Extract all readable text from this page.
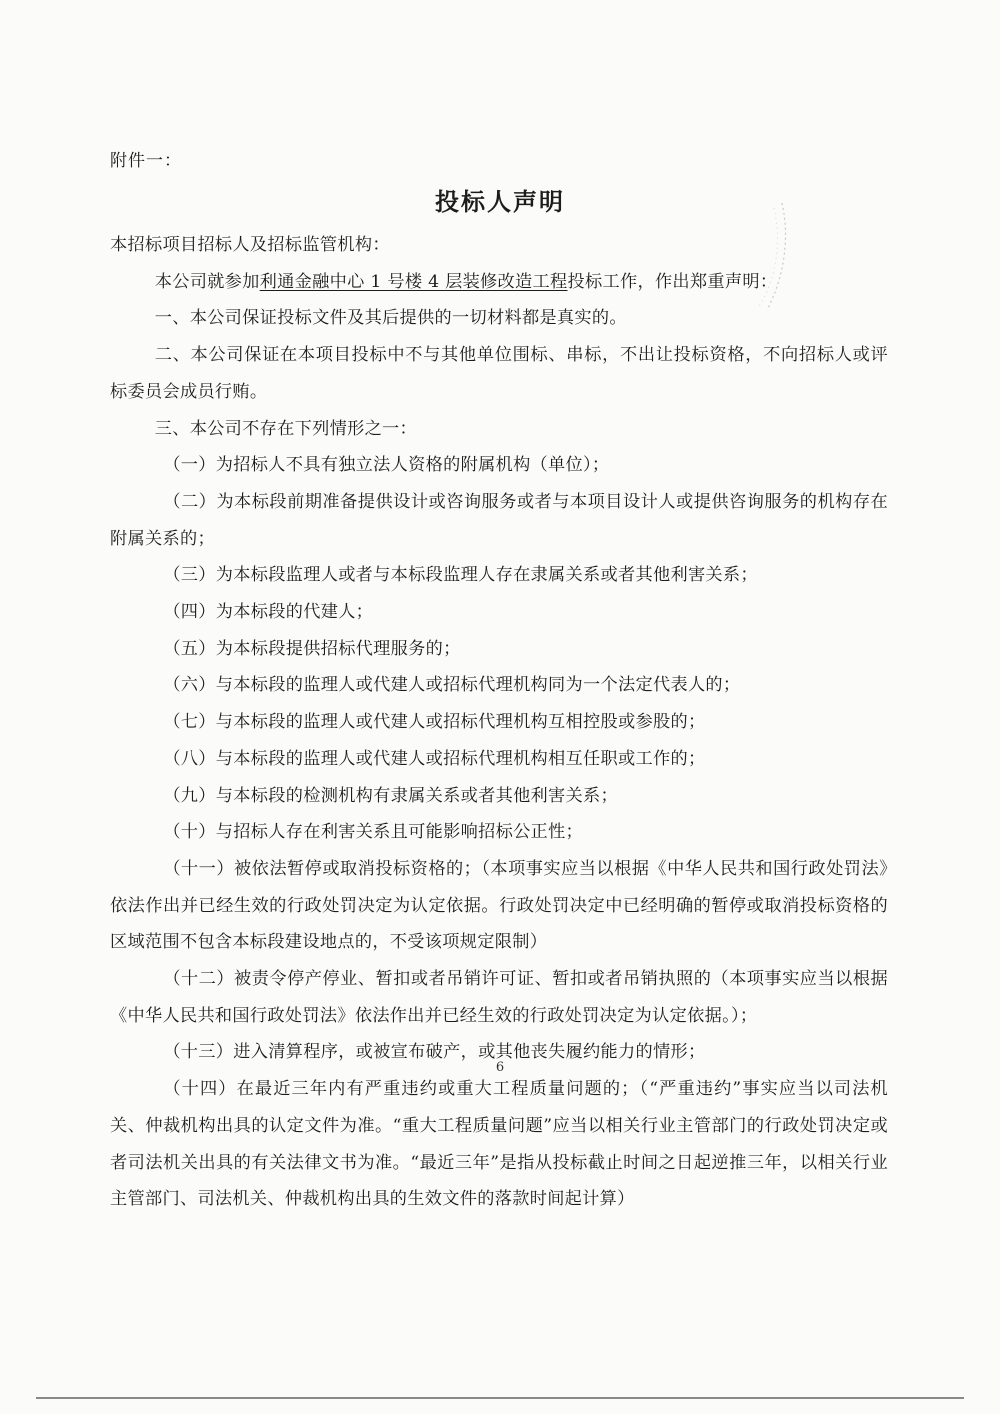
附件一：
投标人声明

本招标项目招标人及招标监管机构：

本公司就参加利通金融中心 1 号楼 4 层装修改造工程投标工作，作出郑重声明：

一、本公司保证投标文件及其后提供的一切材料都是真实的。

二、本公司保证在本项目投标中不与其他单位围标、串标，不出让投标资格，不向招标人或评标委员会成员行贿。

三、本公司不存在下列情形之一：

（一）为招标人不具有独立法人资格的附属机构（单位）；

（二）为本标段前期准备提供设计或咨询服务或者与本项目设计人或提供咨询服务的机构存在附属关系的；

（三）为本标段监理人或者与本标段监理人存在隶属关系或者其他利害关系；

（四）为本标段的代建人；

（五）为本标段提供招标代理服务的；

（六）与本标段的监理人或代建人或招标代理机构同为一个法定代表人的；

（七）与本标段的监理人或代建人或招标代理机构互相控股或参股的；

（八）与本标段的监理人或代建人或招标代理机构相互任职或工作的；

（九）与本标段的检测机构有隶属关系或者其他利害关系；

（十）与招标人存在利害关系且可能影响招标公正性；

（十一）被依法暂停或取消投标资格的；（本项事实应当以根据《中华人民共和国行政处罚法》依法作出并已经生效的行政处罚决定为认定依据。行政处罚决定中已经明确的暂停或取消投标资格的区域范围不包含本标段建设地点的，不受该项规定限制）

（十二）被责令停产停业、暂扣或者吊销许可证、暂扣或者吊销执照的（本项事实应当以根据《中华人民共和国行政处罚法》依法作出并已经生效的行政处罚决定为认定依据。）；

（十三）进入清算程序，或被宣布破产，或其他丧失履约能力的情形；

（十四）在最近三年内有严重违约或重大工程质量问题的；（“严重违约”事实应当以司法机关、仲裁机构出具的认定文件为准。“重大工程质量问题”应当以相关行业主管部门的行政处罚决定或者司法机关出具的有关法律文书为准。“最近三年”是指从投标截止时间之日起逆推三年，以相关行业主管部门、司法机关、仲裁机构出具的生效文件的落款时间起计算）

6
